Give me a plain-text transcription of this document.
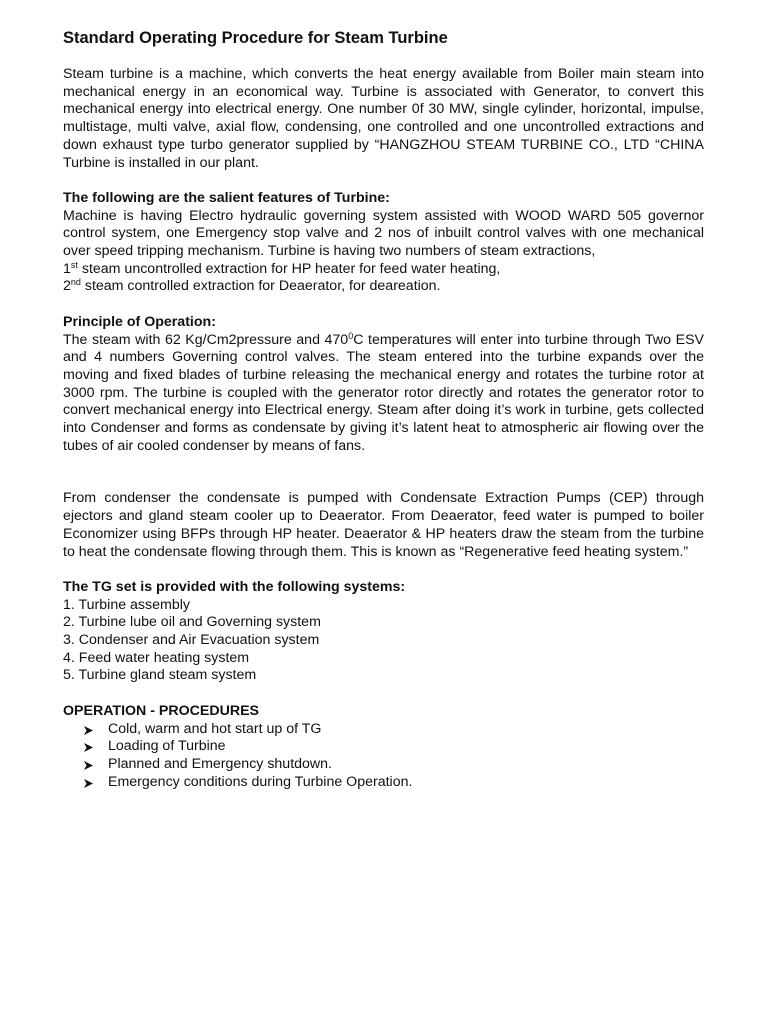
Standard Operating Procedure for Steam Turbine

Steam turbine is a machine, which converts the heat energy available from Boiler main steam into mechanical energy in an economical way. Turbine is associated with Generator, to convert this mechanical energy into electrical energy. One number 0f 30 MW, single cylinder, horizontal, impulse, multistage, multi valve, axial flow, condensing, one controlled and one uncontrolled extractions and down exhaust type turbo generator supplied by “HANGZHOU STEAM TURBINE CO., LTD “CHINA Turbine is installed in our plant.

The following are the salient features of Turbine:

Machine is having Electro hydraulic governing system assisted with WOOD WARD 505 governor control system, one Emergency stop valve and 2 nos of inbuilt control valves with one mechanical over speed tripping mechanism. Turbine is having two numbers of steam extractions,

1st steam uncontrolled extraction for HP heater for feed water heating,

2nd steam controlled extraction for Deaerator, for deareation.

Principle of Operation:

The steam with 62 Kg/Cm2pressure and $470^0C$ temperatures will enter into turbine through Two ESV and 4 numbers Governing control valves. The steam entered into the turbine expands over the moving and fixed blades of turbine releasing the mechanical energy and rotates the turbine rotor at 3000 rpm. The turbine is coupled with the generator rotor directly and rotates the generator rotor to convert mechanical energy into Electrical energy. Steam after doing it’s work in turbine, gets collected into Condenser and forms as condensate by giving it’s latent heat to atmospheric air flowing over the tubes of air cooled condenser by means of fans.

From condenser the condensate is pumped with Condensate Extraction Pumps (CEP) through ejectors and gland steam cooler up to Deaerator. From Deaerator, feed water is pumped to boiler Economizer using BFPs through HP heater. Deaerator & HP heaters draw the steam from the turbine to heat the condensate flowing through them. This is known as “Regenerative feed heating system.”

The TG set is provided with the following systems:

1. Turbine assembly

2. Turbine lube oil and Governing system

3. Condenser and Air Evacuation system

4. Feed water heating system

5. Turbine gland steam system

OPERATION - PROCEDURES

Cold, warm and hot start up of TG
Loading of Turbine
Planned and Emergency shutdown.
Emergency conditions during Turbine Operation.
